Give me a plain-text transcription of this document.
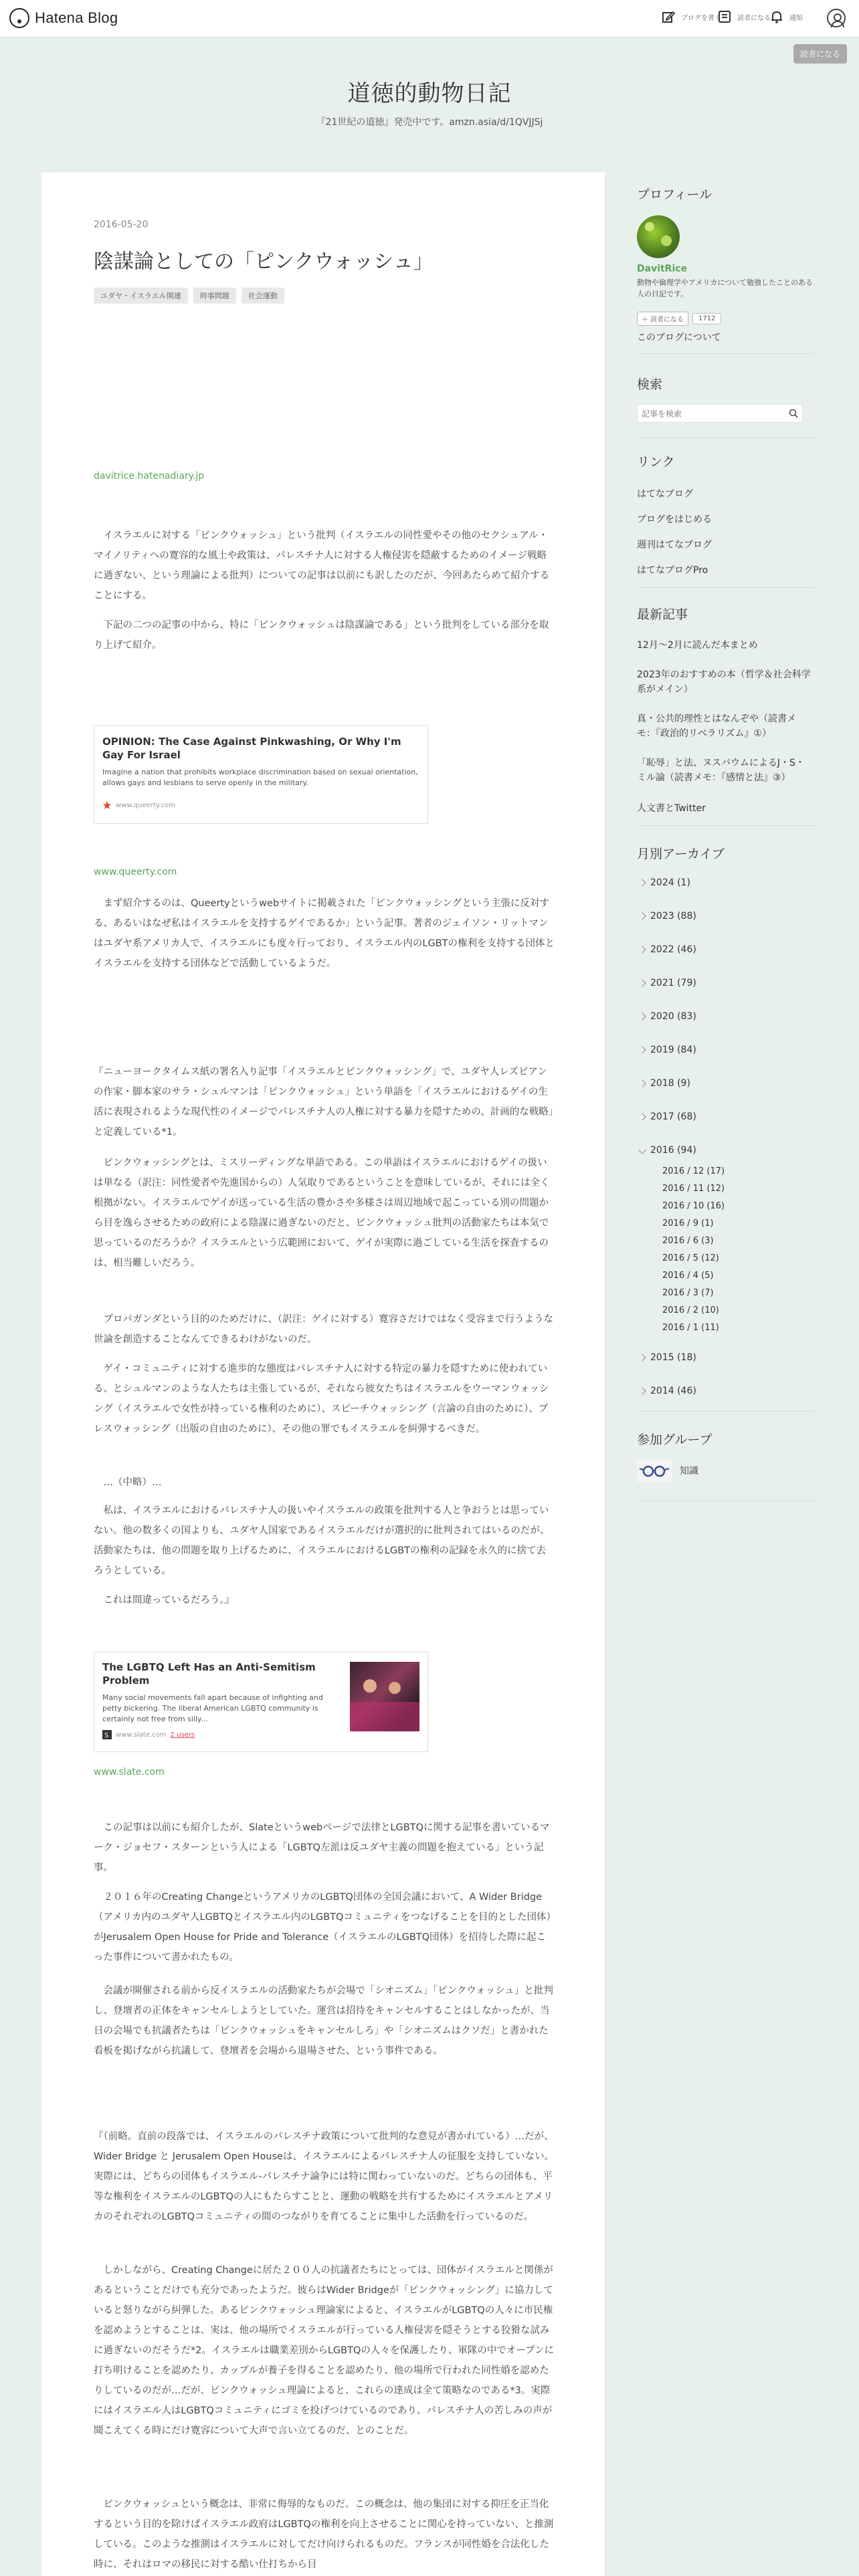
Hatena Blog	ブログを書く 読者になる	通知
読者になる
道徳的動物日記
『21世紀の道徳』発売中です。amzn.asia/d/1QVJJSj
2016-05-20
陰謀論としての「ピンクウォッシュ」
ユダヤ・イスラエル関連	時事問題	社会運動
davitrice.hatenadiary.jp
イスラエルに対する「ピンクウォッシュ」という批判（イスラエルの同性愛やその他のセクシュアル・マイノリティへの寛容的な風土や政策は、パレスチナ人に対する人権侵害を隠蔽するためのイメージ戦略に過ぎない、という理論による批判）についての記事は以前にも訳したのだが、今回あたらめて紹介することにする。
下記の二つの記事の中から、特に「ピンクウォッシュは陰謀論である」という批判をしている部分を取り上げて紹介。
OPINION: The Case Against Pinkwashing, Or Why I'm Gay For Israel
Imagine a nation that prohibits workplace discrimination based on sexual orientation, allows gays and lesbians to serve openly in the military.
www.queerty.com
www.queerty.com
まず紹介するのは、Queertyというwebサイトに掲載された「ピンクウォッシングという主張に反対する、あるいはなぜ私はイスラエルを支持するゲイであるか」という記事。著者のジェイソン・リットマンはユダヤ系アメリカ人で、イスラエルにも度々行っており、イスラエル内のLGBTの権利を支持する団体とイスラエルを支持する団体などで活動しているようだ。
『ニューヨークタイムス紙の署名入り記事「イスラエルとピンクウォッシング」で、ユダヤ人レズビアンの作家・脚本家のサラ・シュルマンは「ピンクウォッシュ」という単語を「イスラエルにおけるゲイの生活に表現されるような現代性のイメージでパレスチナ人の人権に対する暴力を隠すための、計画的な戦略」と定義している*1。
ピンクウォッシングとは、ミスリーディングな単語である。この単語はイスラエルにおけるゲイの扱いは単なる（訳注：同性愛者や先進国からの）人気取りであるということを意味しているが、それには全く根拠がない。イスラエルでゲイが送っている生活の豊かさや多様さは周辺地域で起こっている別の問題から目を逸らさせるための政府による陰謀に過ぎないのだと、ピンクウォッシュ批判の活動家たちは本気で思っているのだろうか？イスラエルという広範囲において、ゲイが実際に過ごしている生活を探査するのは、相当難しいだろう。
プロパガンダという目的のためだけに、（訳注：ゲイに対する）寛容さだけではなく受容まで行うような世論を創造することなんてできるわけがないのだ。
ゲイ・コミュニティに対する進歩的な態度はパレスチナ人に対する特定の暴力を隠すために使われている、とシュルマンのような人たちは主張しているが、それなら彼女たちはイスラエルをウーマンウォッシング（イスラエルで女性が持っている権利のために）、スピーチウォッシング（言論の自由のために）、プレスウォッシング（出版の自由のために）、その他の罪でもイスラエルを糾弾するべきだ。
…（中略）…
私は、イスラエルにおけるパレスチナ人の扱いやイスラエルの政策を批判する人と争おうとは思っていない。他の数多くの国よりも、ユダヤ人国家であるイスラエルだけが選択的に批判されてはいるのだが、活動家たちは、他の問題を取り上げるために、イスラエルにおけるLGBTの権利の記録を永久的に捨て去ろうとしている。
これは間違っているだろう。』
The LGBTQ Left Has an Anti-Semitism Problem
Many social movements fall apart because of infighting and petty bickering. The liberal American LGBTQ community is certainly not free from silly...
S www.slate.com 2 users
www.slate.com
この記事は以前にも紹介したが、Slateというwebページで法律とLGBTQに関する記事を書いているマーク・ジョセフ・スターンという人による「LGBTQ左派は反ユダヤ主義の問題を抱えている」という記事。
２０１６年のCreating ChangeというアメリカのLGBTQ団体の全国会議において、A Wider Bridge（アメリカ内のユダヤ人LGBTQとイスラエル内のLGBTQコミュニティをつなげることを目的とした団体）がJerusalem Open House for Pride and Tolerance（イスラエルのLGBTQ団体）を招待した際に起こった事件について書かれたもの。
会議が開催される前から反イスラエルの活動家たちが会場で「シオニズム」「ピンクウォッシュ」と批判し、登壇者の正体をキャンセルしようとしていた。運営は招待をキャンセルすることはしなかったが、当日の会場でも抗議者たちは「ピンクウォッシュをキャンセルしろ」や「シオニズムはクソだ」と書かれた看板を掲げながら抗議して、登壇者を会場から退場させた、という事件である。
『（前略。直前の段落では、イスラエルのパレスチナ政策について批判的な意見が書かれている）…だが、Wider Bridge と Jerusalem Open Houseは、イスラエルによるパレスチナ人の征服を支持していない。実際には、どちらの団体もイスラエル-パレスチナ論争には特に関わっていないのだ。どちらの団体も、平等な権利をイスラエルのLGBTQの人にもたらすことと、運動の戦略を共有するためにイスラエルとアメリカのそれぞれのLGBTQコミュニティの間のつながりを育てることに集中した活動を行っているのだ。
しかしながら、Creating Changeに居た２００人の抗議者たちにとっては、団体がイスラエルと関係があるということだけでも充分であったようだ。彼らはWider Bridgeが「ピンクウォッシング」に協力していると怒りながら糾弾した。あるピンクウォッシュ理論家によると、イスラエルがLGBTQの人々に市民権を認めようとすることは、実は、他の場所でイスラエルが行っている人権侵害を隠そうとする狡猾な試みに過ぎないのだそうだ*2。イスラエルは職業差別からLGBTQの人々を保護したり、軍隊の中でオープンに打ち明けることを認めたり、カップルが養子を得ることを認めたり、他の場所で行われた同性婚を認めたりしているのだが…だが、ピンクウォッシュ理論によると、これらの達成は全て策略なのである*3。実際にはイスラエル人はLGBTQコミュニティにゴミを投げつけているのであり、パレスチナ人の苦しみの声が聞こえてくる時にだけ寛容について大声で言い立てるのだ、とのことだ。
ピンクウォッシュという概念は、非常に侮辱的なものだ。この概念は、他の集団に対する抑圧を正当化するという目的を除けばイスラエル政府はLGBTQの権利を向上させることに関心を持っていない、と推測している。このような推測はイスラエルに対してだけ向けられるものだ。フランスが同性婚を合法化した時に、それはロマの移民に対する酷い仕打ちから目
プロフィール
DavitRice
動物や倫理学やアメリカについて勉強したことのある人の日記です。
＋ 読者になる	1712
このブログについて
検索
記事を検索
リンク
はてなブログ
ブログをはじめる
週刊はてなブログ
はてなブログPro
最新記事
12月〜2月に読んだ本まとめ
2023年のおすすめの本（哲学＆社会科学系がメイン）
真・公共的理性とはなんぞや（読書メモ：『政治的リベラリズム』①）
「恥辱」と法、ヌスバウムによるJ・S・ミル論（読書メモ：『感情と法』③）
人文書とTwitter
月別アーカイブ
2024 (1)
2023 (88)
2022 (46)
2021 (79)
2020 (83)
2019 (84)
2018 (9)
2017 (68)
2016 (94)
2016 / 12 (17)
2016 / 11 (12)
2016 / 10 (16)
2016 / 9 (1)
2016 / 6 (3)
2016 / 5 (12)
2016 / 4 (5)
2016 / 3 (7)
2016 / 2 (10)
2016 / 1 (11)
2015 (18)
2014 (46)
参加グループ
知識
